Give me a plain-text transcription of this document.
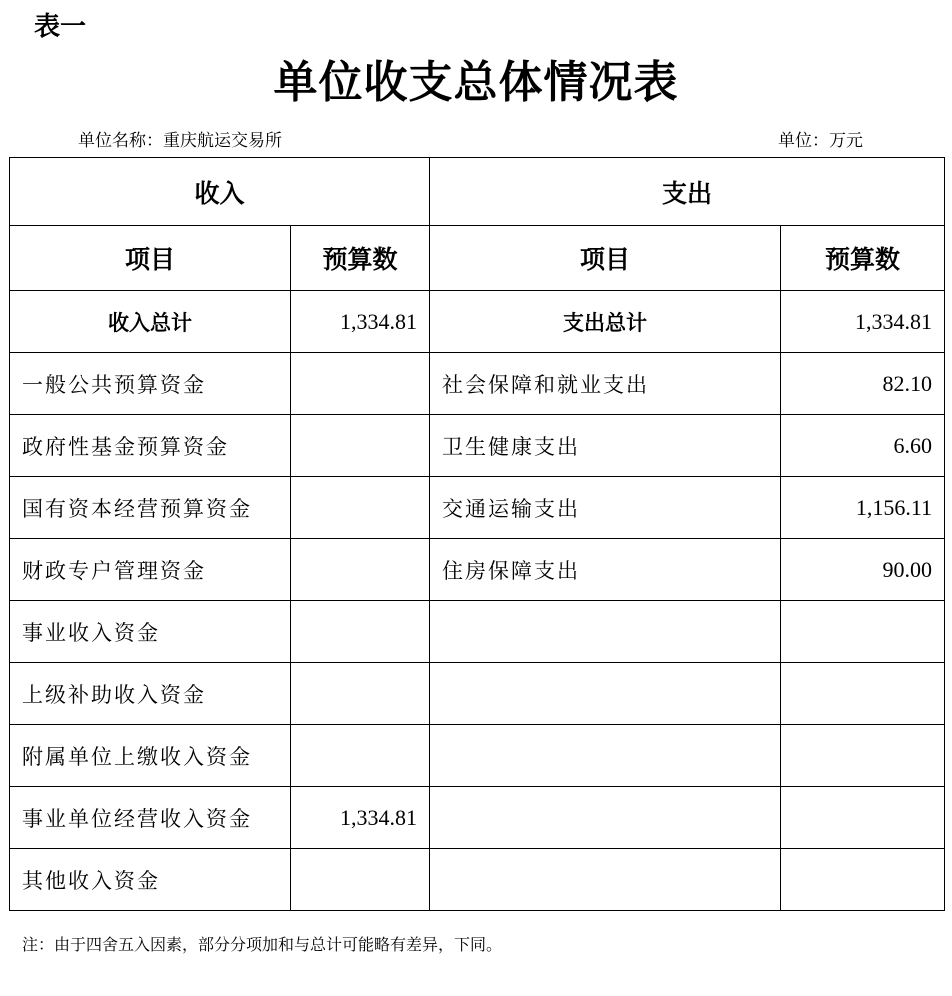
表一
单位收支总体情况表
单位名称：重庆航运交易所	单位：万元
收入		支出	
项目	预算数	项目	预算数
收入总计	1,334.81	支出总计	1,334.81
一般公共预算资金		社会保障和就业支出	82.10
政府性基金预算资金		卫生健康支出	6.60
国有资本经营预算资金		交通运输支出	1,156.11
财政专户管理资金		住房保障支出	90.00
事业收入资金			
上级补助收入资金			
附属单位上缴收入资金			
事业单位经营收入资金	1,334.81		
其他收入资金			
注：由于四舍五入因素，部分分项加和与总计可能略有差异，下同。
